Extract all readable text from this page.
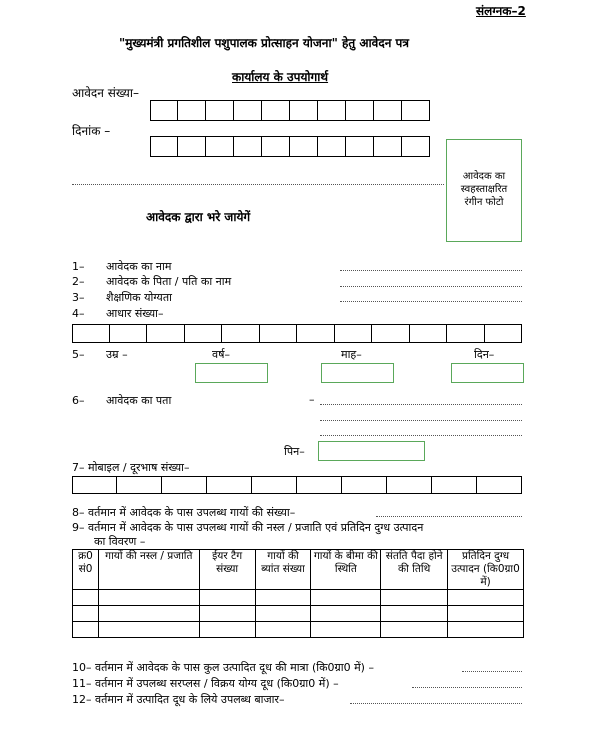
संलग्नक–2
"मुख्यमंत्री प्रगतिशील पशुपालक प्रोत्साहन योजना" हेतु आवेदन पत्र
कार्यालय के उपयोगार्थ
आवेदन संख्या–
दिनांक –
आवेदक का
स्वहस्ताक्षरित
रंगीन फोटो
आवेदक द्वारा भरे जायेगें
1– आवेदक का नाम
2– आवेदक के पिता / पति का नाम
3– शैक्षणिक योग्यता
4– आधार संख्या–
5– उम्र –	वर्ष–	माह–	दिन–
6– आवेदक का पता	–
पिन–
7– मोबाइल / दूरभाष संख्या–
8– वर्तमान में आवेदक के पास उपलब्ध गायों की संख्या–
9– वर्तमान में आवेदक के पास उपलब्ध गायों की नस्ल / प्रजाति एवं प्रतिदिन दुग्ध उत्पादन
का विवरण –
क्र0 सं0	गायों की नस्ल / प्रजाति	ईयर टैग संख्या	गायों की ब्यांत संख्या	गायों के बीमा की स्थिति	संतति पैदा होने की तिथि	प्रतिदिन दुग्ध उत्पादन (कि0ग्रा0 में)

10– वर्तमान में आवेदक के पास कुल उत्पादित दूध की मात्रा (कि0ग्रा0 में) –
11– वर्तमान में उपलब्ध सरप्लस / विक्रय योग्य दूध (कि0ग्रा0 में) –
12– वर्तमान में उत्पादित दूध के लिये उपलब्ध बाजार–
